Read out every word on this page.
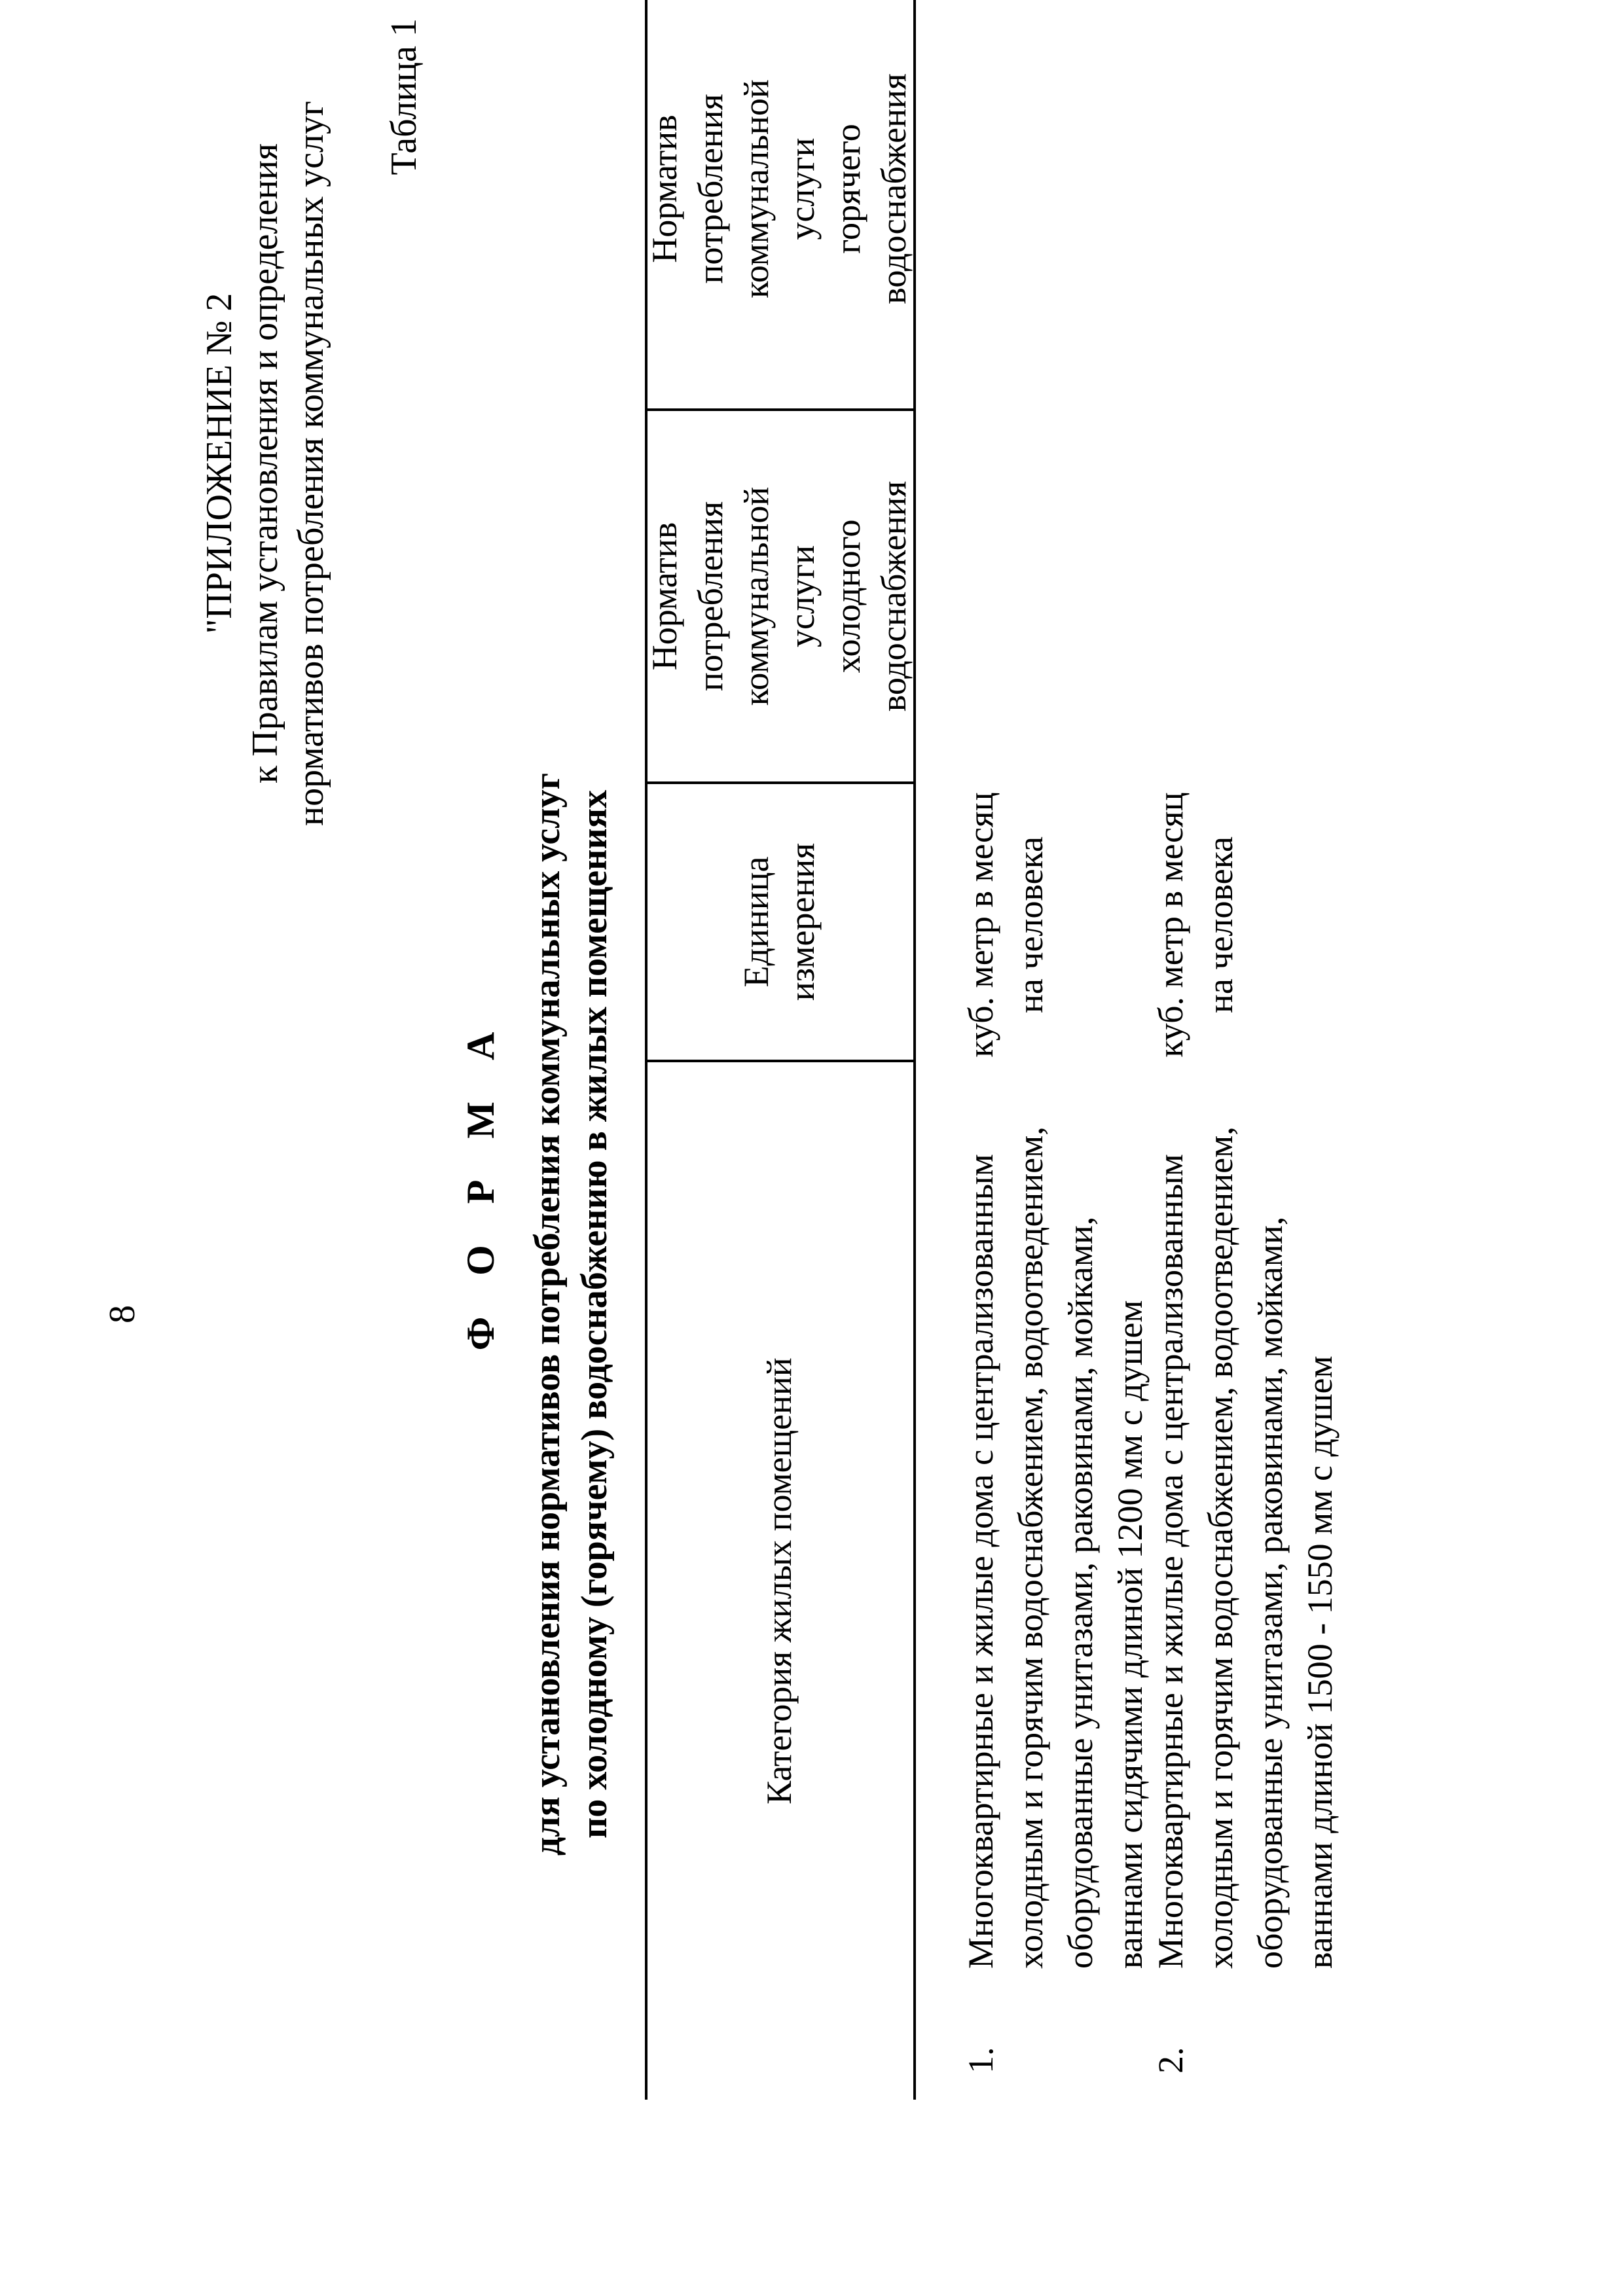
8
"ПРИЛОЖЕНИЕ № 2 к Правилам установления и определения нормативов потребления коммунальных услуг
Таблица 1
Ф О Р М А для установления нормативов потребления коммунальных услуг по холодному (горячему) водоснабжению в жилых помещениях	Категория жилых помещений
Единица измерения
Норматив потребления коммунальной услуги холодного водоснабжения
Норматив потребления коммунальной услуги горячего водоснабжения
1.
Многоквартирные и жилые дома с централизованным холодным и горячим водоснабжением, водоотведением, оборудованные унитазами, раковинами, мойками, ваннами сидячими длиной 1200 мм с душем
куб. метр в месяц на человека
2.
Многоквартирные и жилые дома с централизованным холодным и горячим водоснабжением, водоотведением, оборудованные унитазами, раковинами, мойками, ваннами длиной 1500 - 1550 мм с душем
куб. метр в месяц на человека
